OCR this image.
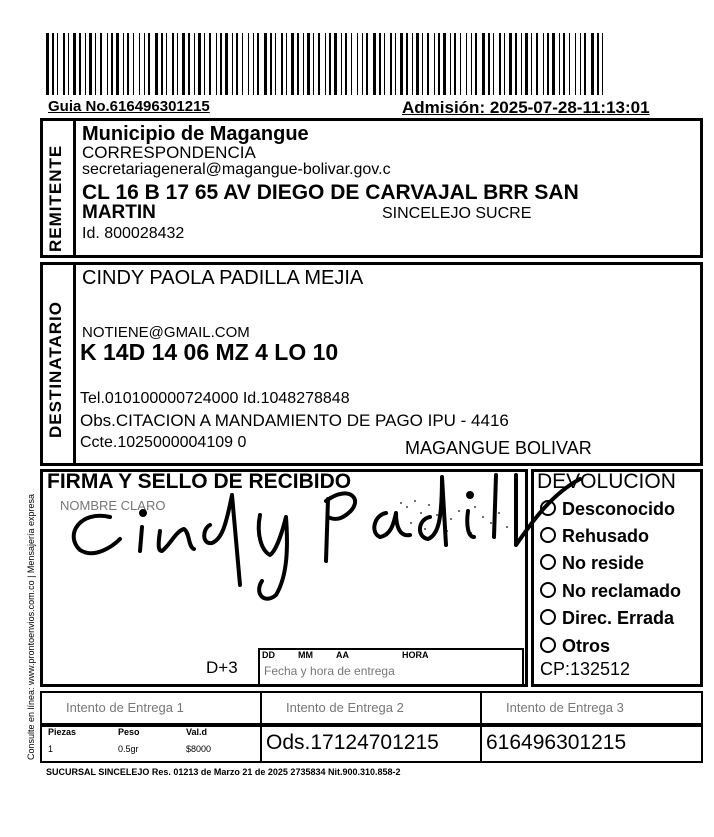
Guia No.616496301215	Admisión: 2025-07-28-11:13:01
Consulte en línea: www.prontoenvios.com.co | Mensajería expresa
REMITENTE
Municipio de Magangue
CORRESPONDENCIA
secretariageneral@magangue-bolivar.gov.c
CL 16 B 17 65 AV DIEGO DE CARVAJAL BRR SAN
MARTIN	SINCELEJO SUCRE
Id. 800028432
DESTINATARIO
CINDY PAOLA PADILLA MEJIA
NOTIENE@GMAIL.COM
K 14D 14 06 MZ 4 LO 10
Tel.010100000724000 Id.1048278848
Obs.CITACION A MANDAMIENTO DE PAGO IPU - 4416
Ccte.1025000004109 0	MAGANGUE BOLIVAR
FIRMA Y SELLO DE RECIBIDO
NOMBRE CLARO
D+3
DD	MM	AA	HORA
Fecha y hora de entrega
DEVOLUCION
Desconocido
Rehusado
No reside
No reclamado
Direc. Errada
Otros
CP:132512
Intento de Entrega 1	Intento de Entrega 2	Intento de Entrega 3
Piezas	Peso	Val.d
1	0.5gr	$8000	Ods.17124701215 616496301215
SUCURSAL SINCELEJO Res. 01213 de Marzo 21 de 2025 2735834 Nit.900.310.858-2
